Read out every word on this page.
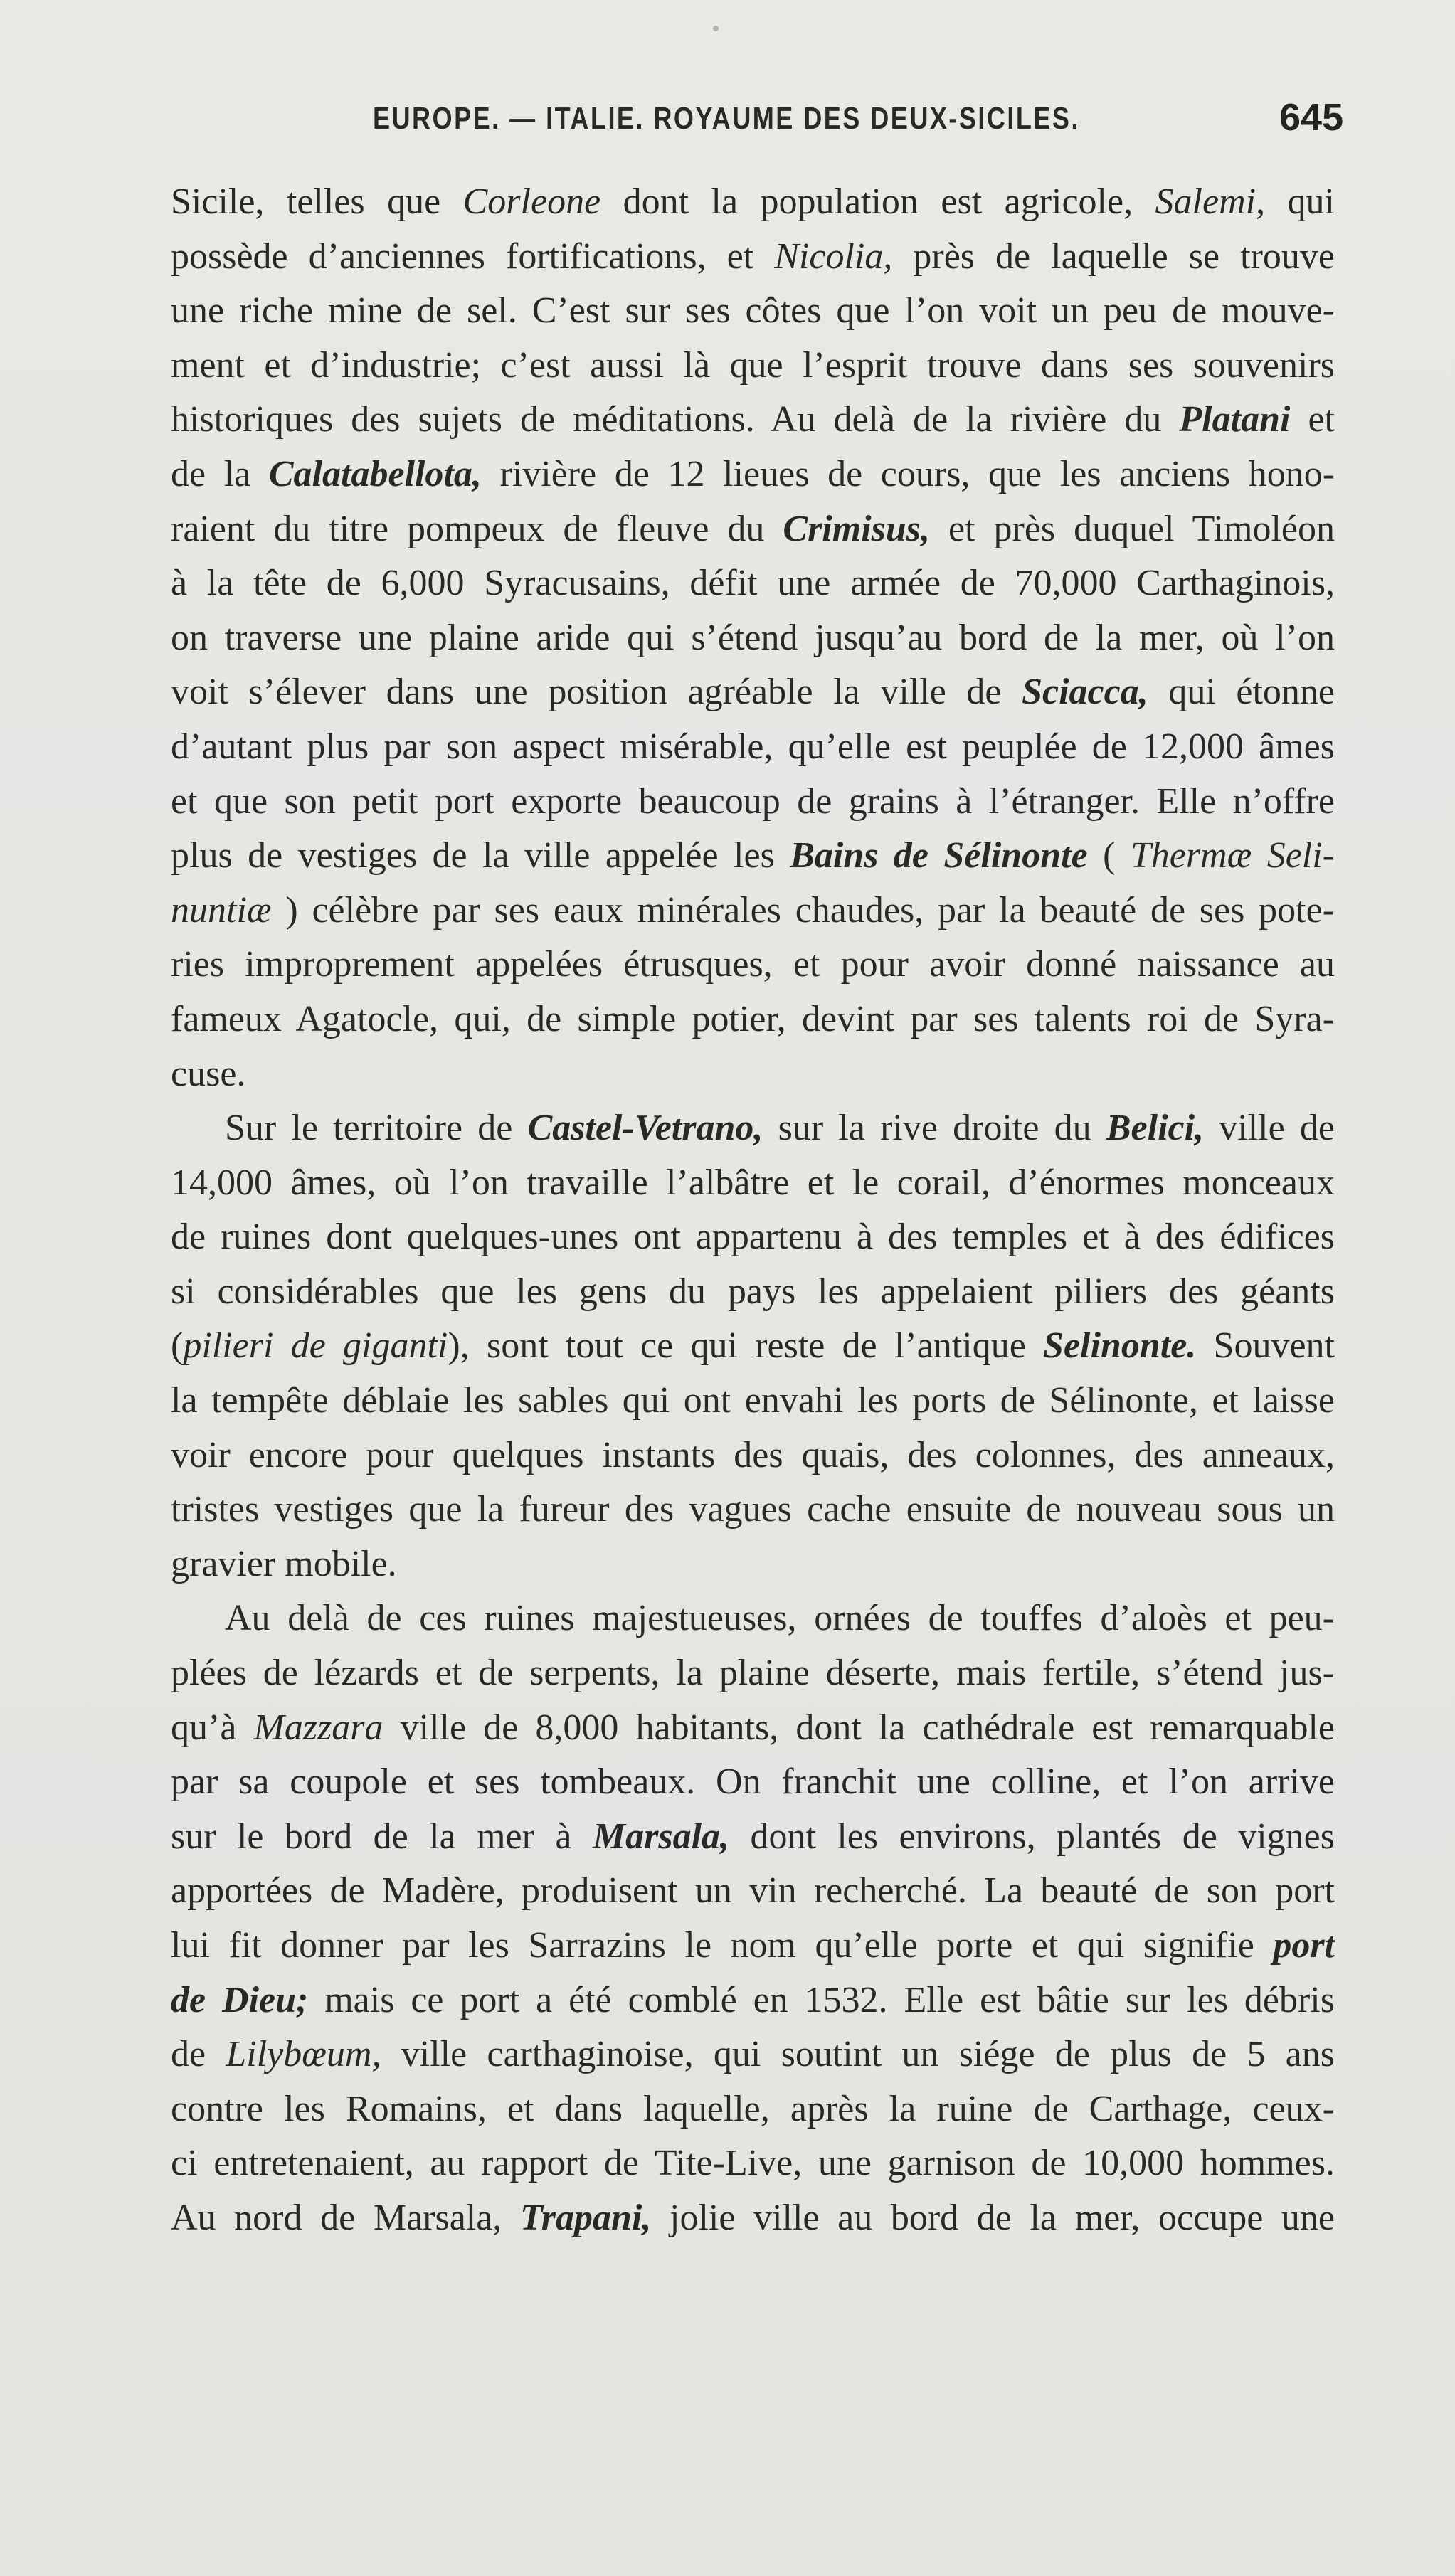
EUROPE. — ITALIE. ROYAUME DES DEUX-SICILES.	645
Sicile, telles que Corleone dont la population est agricole, Salemi, qui
possède d’anciennes fortifications, et Nicolia, près de laquelle se trouve
une riche mine de sel. C’est sur ses côtes que l’on voit un peu de mouve-
ment et d’industrie; c’est aussi là que l’esprit trouve dans ses souvenirs
historiques des sujets de méditations. Au delà de la rivière du Platani et
de la Calatabellota, rivière de 12 lieues de cours, que les anciens hono-
raient du titre pompeux de fleuve du Crimisus, et près duquel Timoléon
à la tête de 6,000 Syracusains, défit une armée de 70,000 Carthaginois,
on traverse une plaine aride qui s’étend jusqu’au bord de la mer, où l’on
voit s’élever dans une position agréable la ville de Sciacca, qui étonne
d’autant plus par son aspect misérable, qu’elle est peuplée de 12,000 âmes
et que son petit port exporte beaucoup de grains à l’étranger. Elle n’offre
plus de vestiges de la ville appelée les Bains de Sélinonte ( Thermæ Seli-
nuntiæ ) célèbre par ses eaux minérales chaudes, par la beauté de ses pote-
ries improprement appelées étrusques, et pour avoir donné naissance au
fameux Agatocle, qui, de simple potier, devint par ses talents roi de Syra-
cuse.
Sur le territoire de Castel-Vetrano, sur la rive droite du Belici, ville de
14,000 âmes, où l’on travaille l’albâtre et le corail, d’énormes monceaux
de ruines dont quelques-unes ont appartenu à des temples et à des édifices
si considérables que les gens du pays les appelaient piliers des géants
(pilieri de giganti), sont tout ce qui reste de l’antique Selinonte. Souvent
la tempête déblaie les sables qui ont envahi les ports de Sélinonte, et laisse
voir encore pour quelques instants des quais, des colonnes, des anneaux,
tristes vestiges que la fureur des vagues cache ensuite de nouveau sous un
gravier mobile.
Au delà de ces ruines majestueuses, ornées de touffes d’aloès et peu-
plées de lézards et de serpents, la plaine déserte, mais fertile, s’étend jus-
qu’à Mazzara ville de 8,000 habitants, dont la cathédrale est remarquable
par sa coupole et ses tombeaux. On franchit une colline, et l’on arrive
sur le bord de la mer à Marsala, dont les environs, plantés de vignes
apportées de Madère, produisent un vin recherché. La beauté de son port
lui fit donner par les Sarrazins le nom qu’elle porte et qui signifie port
de Dieu; mais ce port a été comblé en 1532. Elle est bâtie sur les débris
de Lilybœum, ville carthaginoise, qui soutint un siége de plus de 5 ans
contre les Romains, et dans laquelle, après la ruine de Carthage, ceux-
ci entretenaient, au rapport de Tite-Live, une garnison de 10,000 hommes.
Au nord de Marsala, Trapani, jolie ville au bord de la mer, occupe une
